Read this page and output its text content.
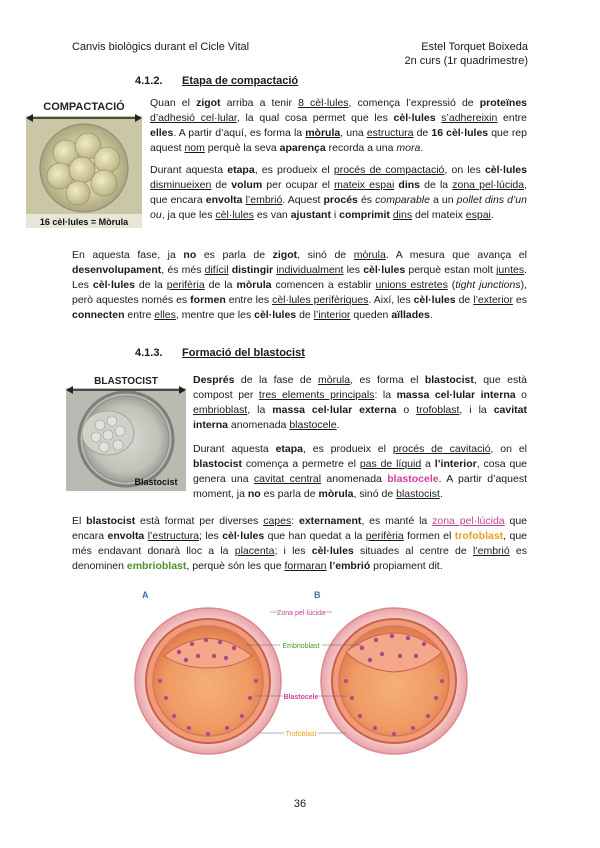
Canvis biològics durant el Cicle Vital	Estel Torquet Boixeda
2n curs (1r quadrimestre)
4.1.2. Etapa de compactació
COMPACTACIÓ
16 cèl·lules = Mòrula
Quan el zigot arriba a tenir 8 cèl·lules, comença l’expressió de proteïnes d’adhesió cel·lular, la qual cosa permet que les cèl·lules s’adhereixin entre elles. A partir d’aquí, es forma la mòrula, una estructura de 16 cèl·lules que rep aquest nom perquè la seva aparença recorda a una mora.
Durant aquesta etapa, es produeix el procés de compactació, on les cèl·lules disminueixen de volum per ocupar el mateix espai dins de la zona pel·lúcida, que encara envolta l’embrió. Aquest procés és comparable a un pollet dins d’un ou, ja que les cèl·lules es van ajustant i comprimit dins del mateix espai.
En aquesta fase, ja no es parla de zigot, sinó de mòrula. A mesura que avança el desenvolupament, és més difícil distingir individualment les cèl·lules perquè estan molt juntes. Les cèl·lules de la perifèria de la mòrula comencen a establir unions estretes (tight junctions), però aquestes només es formen entre les cèl·lules perifèriques. Així, les cèl·lules de l’exterior es connecten entre elles, mentre que les cèl·lules de l’interior queden aïllades.
4.1.3. Formació del blastocist
BLASTOCIST
Blastocist
Després de la fase de mòrula, es forma el blastocist, que està compost per tres elements principals: la massa cel·lular interna o embrioblast, la massa cel·lular externa o trofoblast, i la cavitat interna anomenada blastocele.
Durant aquesta etapa, es produeix el procés de cavitació, on el blastocist comença a permetre el pas de líquid a l’interior, cosa que genera una cavitat central anomenada blastocele. A partir d’aquest moment, ja no es parla de mòrula, sinó de blastocist.
El blastocist està format per diverses capes: externament, es manté la zona pel·lúcida que encara envolta l’estructura; les cèl·lules que han quedat a la perifèria formen el trofoblast, que més endavant donarà lloc a la placenta; i les cèl·lules situades al centre de l’embrió es denominen embrioblast, perquè són les que formaran l’embrió propiament dit.
A	B
Zona pel·lúcida
Embrioblast
Blastocele
Trofoblast
36
